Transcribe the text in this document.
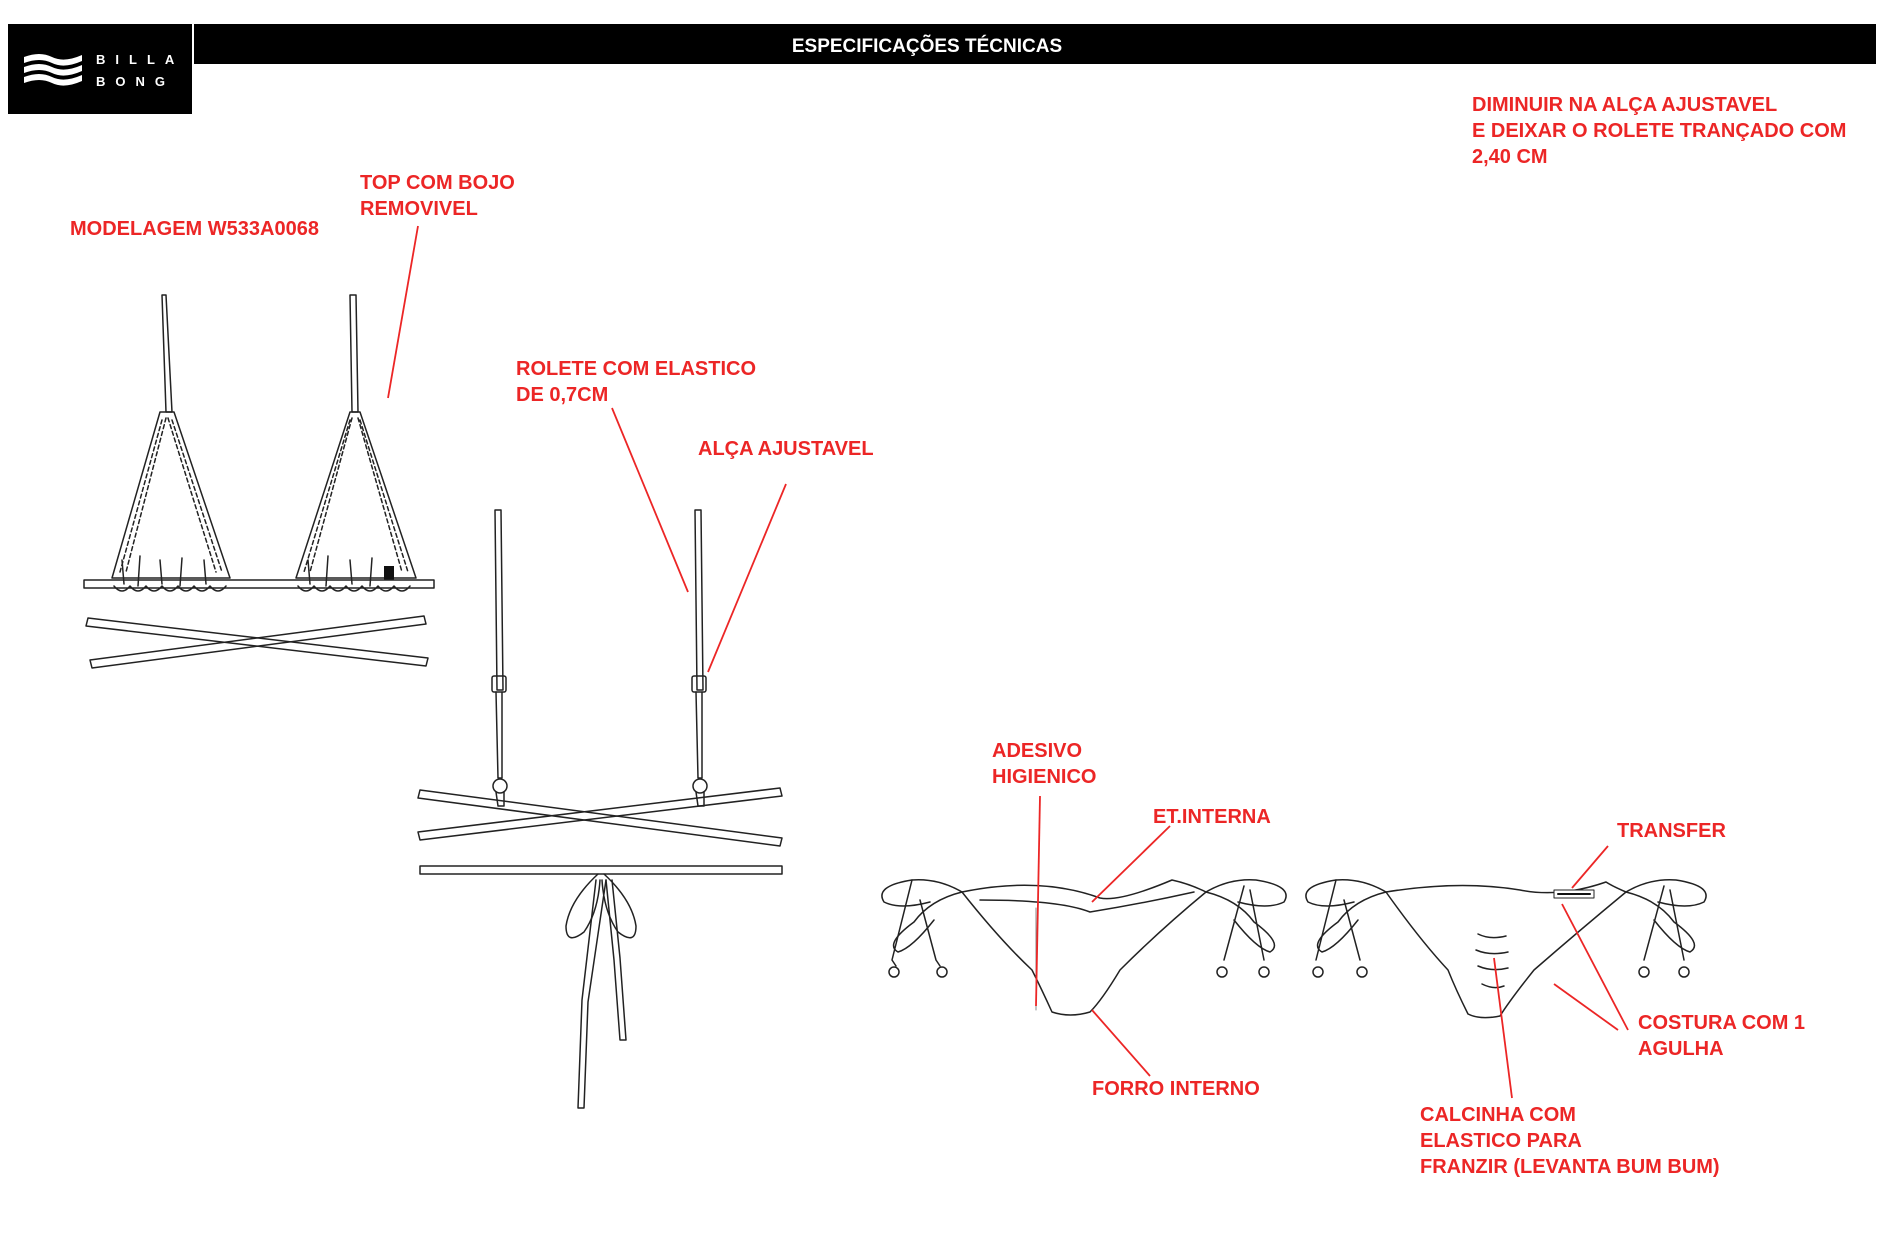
BILLA
BONG
ESPECIFICAÇÕES TÉCNICAS

DIMINUIR NA ALÇA AJUSTAVEL
E DEIXAR O ROLETE TRANÇADO COM
2,40 CM

TOP COM BOJO
REMOVIVEL

MODELAGEM W533A0068

ROLETE COM ELASTICO
DE 0,7CM

ALÇA AJUSTAVEL

ADESIVO
HIGIENICO

ET.INTERNA

TRANSFER

COSTURA COM 1
AGULHA

FORRO INTERNO

CALCINHA COM
ELASTICO PARA
FRANZIR (LEVANTA BUM BUM)
